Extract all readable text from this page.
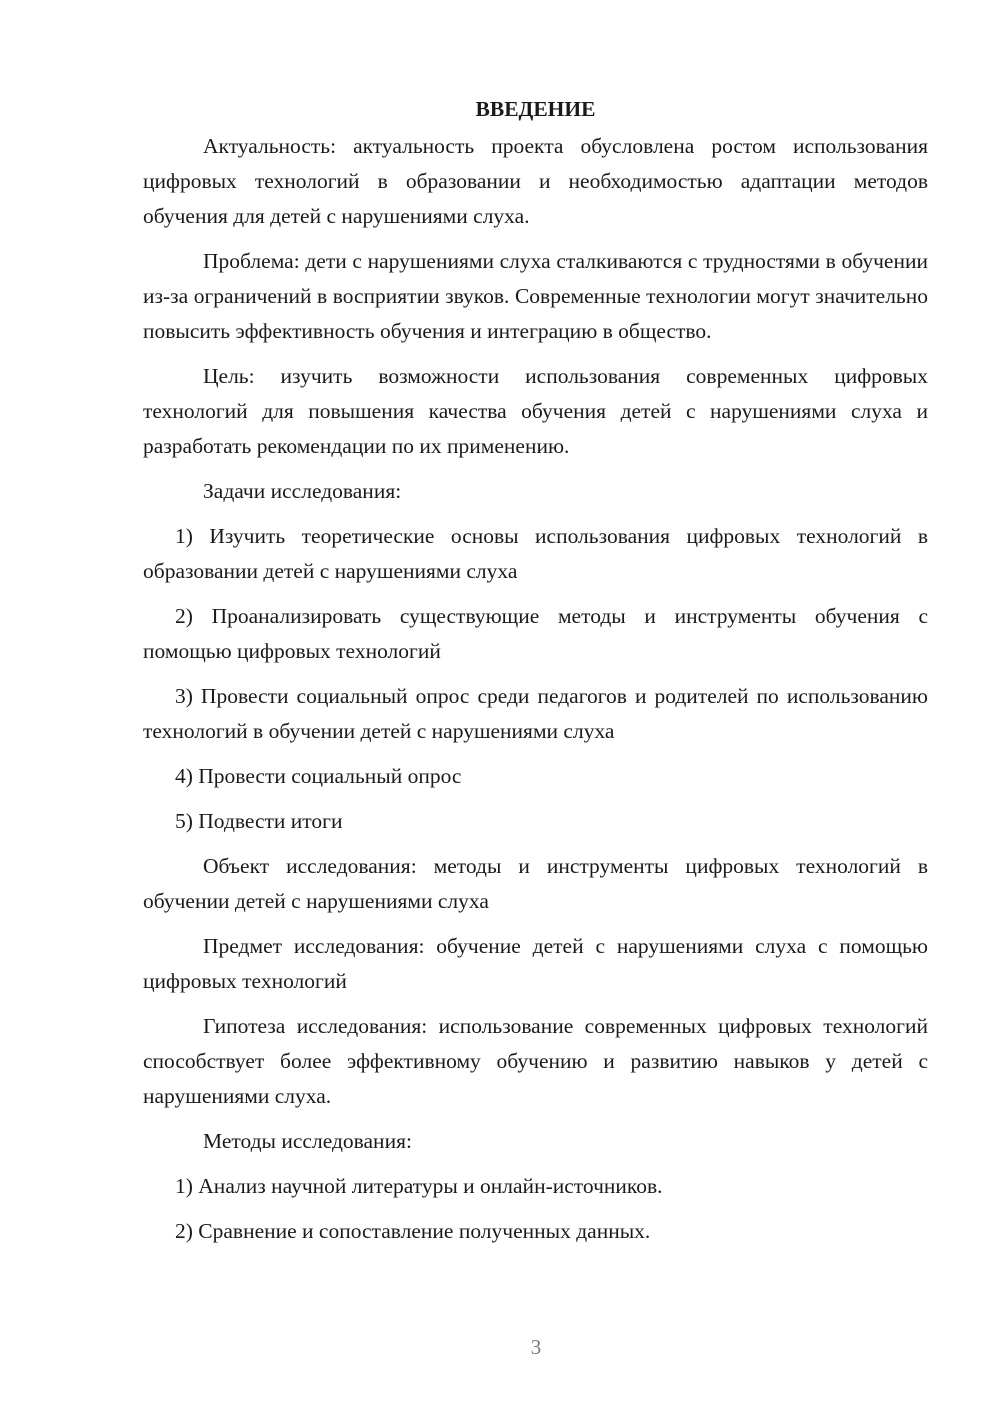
ВВЕДЕНИЕ

Актуальность: актуальность проекта обусловлена ростом использования цифровых технологий в образовании и необходимостью адаптации методов обучения для детей с нарушениями слуха.

Проблема: дети с нарушениями слуха сталкиваются с трудностями в обучении из-за ограничений в восприятии звуков. Современные технологии могут значительно повысить эффективность обучения и интеграцию в общество.

Цель: изучить возможности использования современных цифровых технологий для повышения качества обучения детей с нарушениями слуха и разработать рекомендации по их применению.

Задачи исследования:

1) Изучить теоретические основы использования цифровых технологий в образовании детей с нарушениями слуха

2) Проанализировать существующие методы и инструменты обучения с помощью цифровых технологий

3) Провести социальный опрос среди педагогов и родителей по использованию технологий в обучении детей с нарушениями слуха

4) Провести социальный опрос

5) Подвести итоги

Объект исследования: методы и инструменты цифровых технологий в обучении детей с нарушениями слуха

Предмет исследования: обучение детей с нарушениями слуха с помощью цифровых технологий

Гипотеза исследования: использование современных цифровых технологий способствует более эффективному обучению и развитию навыков у детей с нарушениями слуха.

Методы исследования:

1) Анализ научной литературы и онлайн-источников.

2) Сравнение и сопоставление полученных данных.

3
